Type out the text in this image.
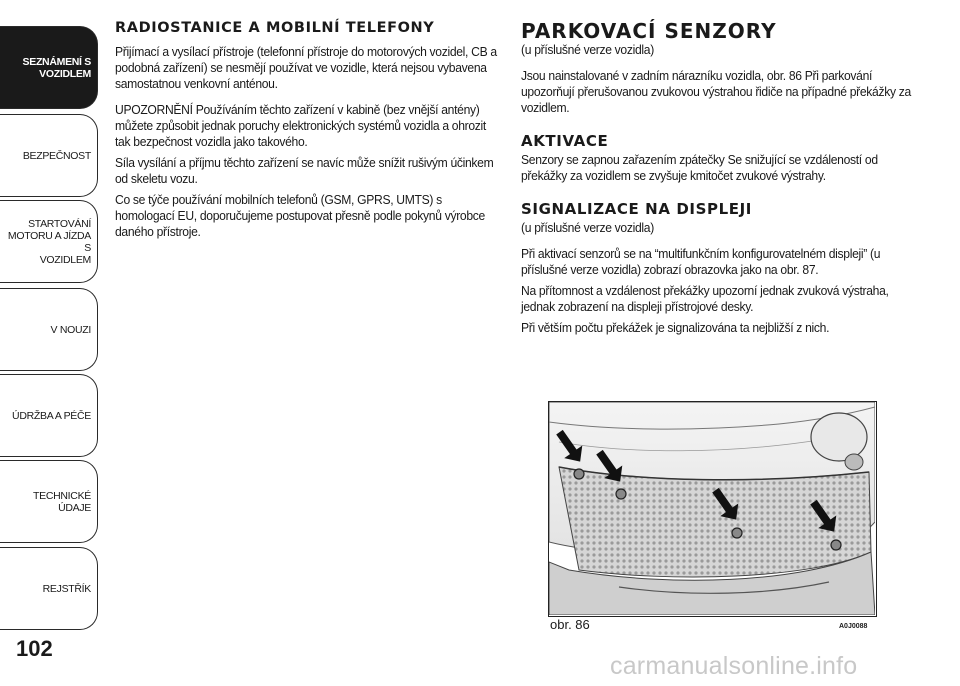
SEZNÁMENÍ S
VOZIDLEM
BEZPEČNOST
STARTOVÁNÍ
MOTORU A JÍZDA S
VOZIDLEM
V NOUZI
ÚDRŽBA A PÉČE
TECHNICKÉ ÚDAJE
REJSTŘÍK
102
RADIOSTANICE A MOBILNÍ TELEFONY

Přijímací a vysílací přístroje (telefonní přístroje do motorových vozidel, CB a podobná zařízení) se nesmějí používat ve vozidle, která nejsou vybavena samostatnou venkovní anténou.

UPOZORNĚNÍ Používáním těchto zařízení v kabině (bez vnější antény) můžete způsobit jednak poruchy elektronických systémů vozidla a ohrozit tak bezpečnost vozidla jako takového.

Síla vysílání a příjmu těchto zařízení se navíc může snížit rušivým účinkem od skeletu vozu.

Co se týče používání mobilních telefonů (GSM, GPRS, UMTS) s homologací EU, doporučujeme postupovat přesně podle pokynů výrobce daného přístroje.

PARKOVACÍ SENZORY

(u příslušné verze vozidla)

Jsou nainstalované v zadním nárazníku vozidla, obr. 86 Při parkování upozorňují přerušovanou zvukovou výstrahou řidiče na případné překážky za vozidlem.

AKTIVACE

Senzory se zapnou zařazením zpátečky Se snižující se vzdáleností od překážky za vozidlem se zvyšuje kmitočet zvukové výstrahy.

SIGNALIZACE NA DISPLEJI

(u příslušné verze vozidla)

Při aktivací senzorů se na “multifunkčním konfigurovatelném displeji” (u příslušné verze vozidla) zobrazí obrazovka jako na obr. 87.

Na přítomnost a vzdálenost překážky upozorní jednak zvuková výstraha, jednak zobrazení na displeji přístrojové desky.

Při větším počtu překážek je signalizována ta nejbližší z nich.

obr. 86	A0J0088
carmanualsonline.info
